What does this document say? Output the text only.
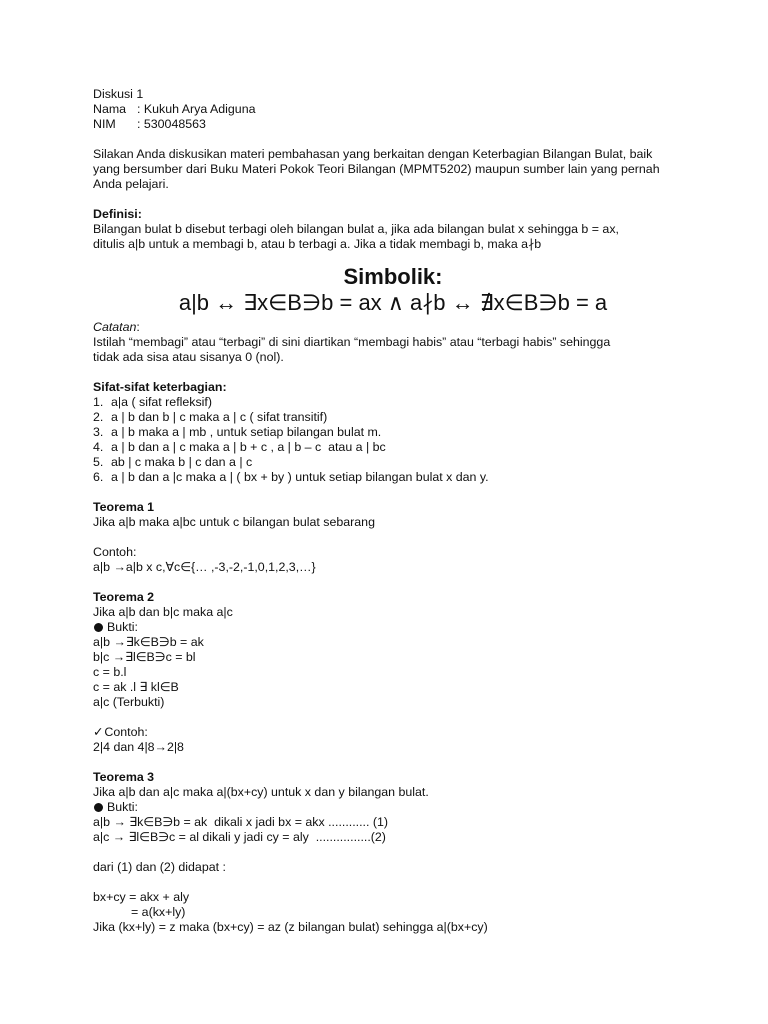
Diskusi 1
Nama : Kukuh Arya Adiguna
NIM	: 530048563
Silakan Anda diskusikan materi pembahasan yang berkaitan dengan Keterbagian Bilangan Bulat, baik yang bersumber dari Buku Materi Pokok Teori Bilangan (MPMT5202) maupun sumber lain yang pernah Anda pelajari.
Definisi:
Bilangan bulat b disebut terbagi oleh bilangan bulat a, jika ada bilangan bulat x sehingga b = ax,
ditulis a|b untuk a membagi b, atau b terbagi a. Jika a tidak membagi b, maka a∤b
Simbolik:
a|b ↔ ∃x∈B∋b = ax ∧ a∤b ↔ ∄x∈B∋b = a
Catatan:
Istilah “membagi” atau “terbagi” di sini diartikan “membagi habis” atau “terbagi habis” sehingga
tidak ada sisa atau sisanya 0 (nol).
Sifat-sifat keterbagian:
1. a|a ( sifat refleksif)
2. a | b dan b | c maka a | c ( sifat transitif)
3. a | b maka a | mb , untuk setiap bilangan bulat m.
4. a | b dan a | c maka a | b + c , a | b – c  atau a | bc
5. ab | c maka b | c dan a | c
6. a | b dan a |c maka a | ( bx + by ) untuk setiap bilangan bulat x dan y.
Teorema 1
Jika a|b maka a|bc untuk c bilangan bulat sebarang
Contoh:
a|b →a|b x c,∀c∈{… ,-3,-2,-1,0,1,2,3,…}
Teorema 2
Jika a|b dan b|c maka a|c
Bukti:
a|b →∃k∈B∋b = ak
b|c →∃l∈B∋c = bl
c = b.l
c = ak .l ∃ kl∈B
a|c (Terbukti)
✓Contoh:
2|4 dan 4|8→2|8
Teorema 3
Jika a|b dan a|c maka a|(bx+cy) untuk x dan y bilangan bulat.
Bukti:
a|b → ∃k∈B∋b = ak  dikali x jadi bx = akx ............ (1)
a|c → ∃l∈B∋c = al dikali y jadi cy = aly  ................(2)
dari (1) dan (2) didapat :
bx+cy = akx + aly
= a(kx+ly)
Jika (kx+ly) = z maka (bx+cy) = az (z bilangan bulat) sehingga a|(bx+cy)
